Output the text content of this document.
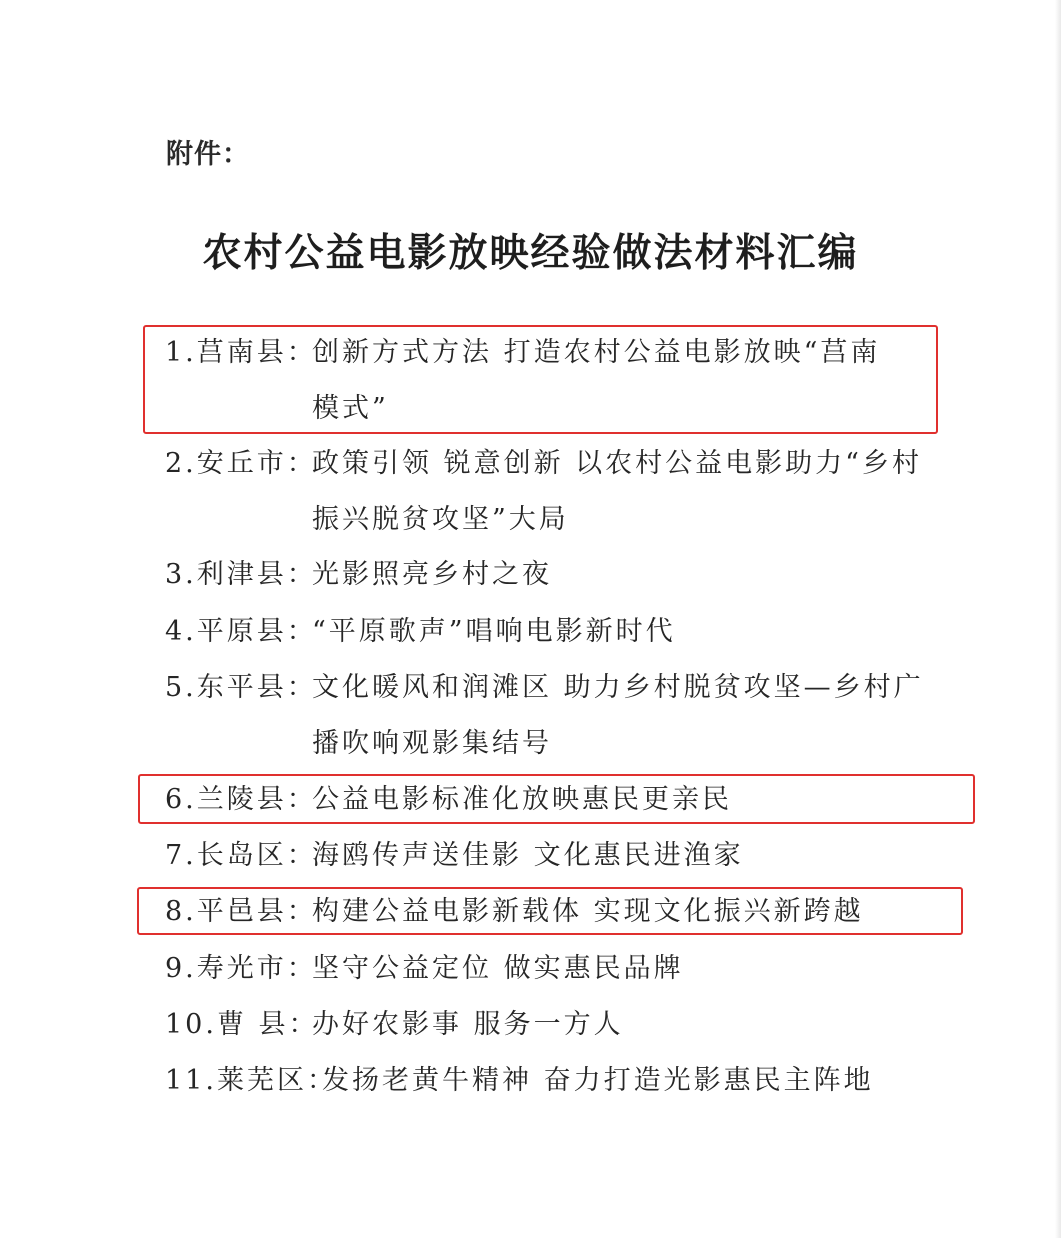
附件：
农村公益电影放映经验做法材料汇编
1.莒南县：
创新方式方法 打造农村公益电影放映“莒南
模式”
2.安丘市：
政策引领 锐意创新 以农村公益电影助力“乡村
振兴脱贫攻坚”大局
3.利津县：
光影照亮乡村之夜
4.平原县：
“平原歌声”唱响电影新时代
5.东平县：
文化暖风和润滩区 助力乡村脱贫攻坚—乡村广
播吹响观影集结号
6.兰陵县：
公益电影标准化放映惠民更亲民
7.长岛区：
海鸥传声送佳影 文化惠民进渔家
8.平邑县：
构建公益电影新载体 实现文化振兴新跨越
9.寿光市：
坚守公益定位 做实惠民品牌
10.曹 县：
办好农影事 服务一方人
11.莱芜区：
发扬老黄牛精神 奋力打造光影惠民主阵地
